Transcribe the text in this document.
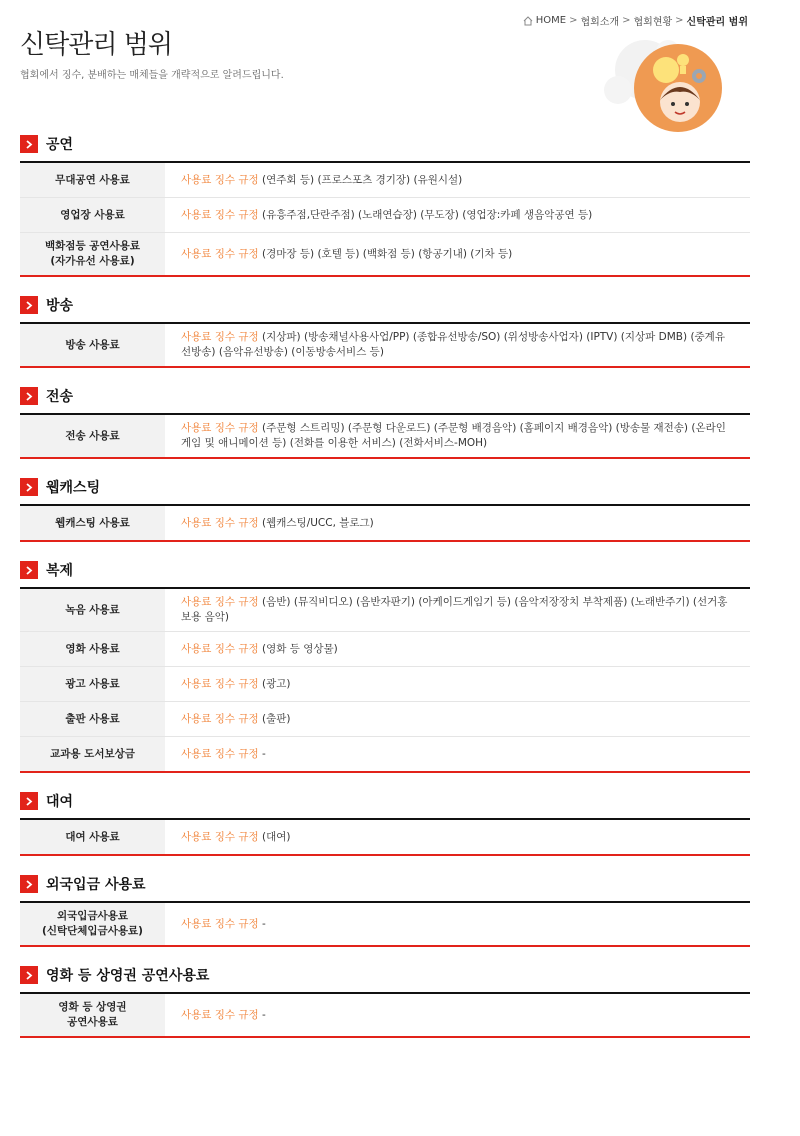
HOME > 협회소개 > 협회현황 > 신탁관리 범위
신탁관리 범위
협회에서 징수, 분배하는 매체들을 개략적으로 알려드립니다.
공연
무대공연 사용료	사용료 징수 규정 (연주회 등) (프로스포츠 경기장) (유원시설)
영업장 사용료	사용료 징수 규정 (유흥주점,단란주점) (노래연습장) (무도장) (영업장:카페 생음악공연 등)
백화점등 공연사용료
(자가유선 사용료)	사용료 징수 규정 (경마장 등) (호텔 등) (백화점 등) (항공기내) (기차 등)
방송
방송 사용료	사용료 징수 규정 (지상파) (방송채널사용사업/PP) (종합유선방송/SO) (위성방송사업자) (IPTV) (지상파 DMB) (중계유선방송) (음악유선방송) (이동방송서비스 등)
전송
전송 사용료	사용료 징수 규정 (주문형 스트리밍) (주문형 다운로드) (주문형 배경음악) (홈페이지 배경음악) (방송물 재전송) (온라인 게임 및 애니메이션 등) (전화를 이용한 서비스) (전화서비스-MOH)
웹캐스팅
웹캐스팅 사용료	사용료 징수 규정 (웹캐스팅/UCC, 블로그)
복제
녹음 사용료	사용료 징수 규정 (음반) (뮤직비디오) (음반자판기) (아케이드게임기 등) (음악저장장치 부착제품) (노래반주기) (선거홍보용 음악)
영화 사용료	사용료 징수 규정 (영화 등 영상물)
광고 사용료	사용료 징수 규정 (광고)
출판 사용료	사용료 징수 규정 (출판)
교과용 도서보상금	사용료 징수 규정 -
대여
대여 사용료	사용료 징수 규정 (대여)
외국입금 사용료
외국입금사용료
(신탁단체입금사용료)	사용료 징수 규정 -
영화 등 상영권 공연사용료
영화 등 상영권
공연사용료	사용료 징수 규정 -
